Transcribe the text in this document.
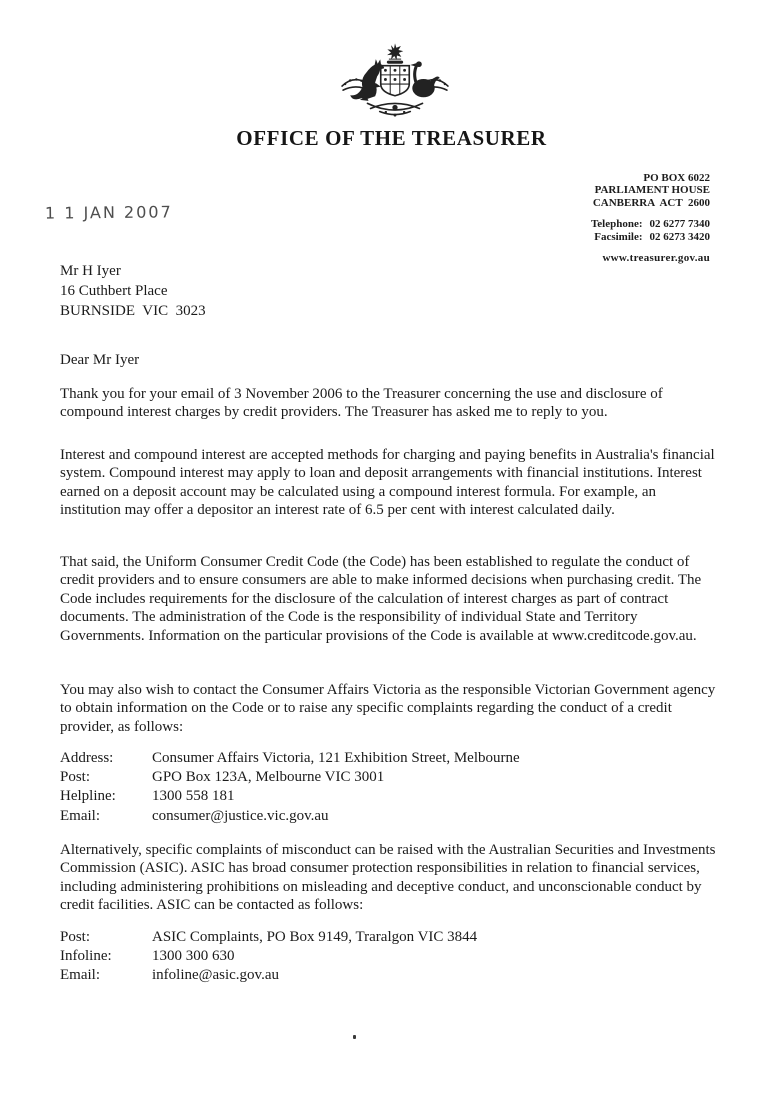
OFFICE OF THE TREASURER
PO BOX 6022
PARLIAMENT HOUSE
CANBERRA  ACT  2600
Telephone: 02 6277 7340
Facsimile: 02 6273 3420
www.treasurer.gov.au
1 1 JAN 2007
Mr H Iyer
16 Cuthbert Place
BURNSIDE  VIC  3023
Dear Mr Iyer
Thank you for your email of 3 November 2006 to the Treasurer concerning the use and disclosure of compound interest charges by credit providers. The Treasurer has asked me to reply to you.
Interest and compound interest are accepted methods for charging and paying benefits in Australia's financial system. Compound interest may apply to loan and deposit arrangements with financial institutions. Interest earned on a deposit account may be calculated using a compound interest formula. For example, an institution may offer a depositor an interest rate of 6.5 per cent with interest calculated daily.
That said, the Uniform Consumer Credit Code (the Code) has been established to regulate the conduct of credit providers and to ensure consumers are able to make informed decisions when purchasing credit. The Code includes requirements for the disclosure of the calculation of interest charges as part of contract documents. The administration of the Code is the responsibility of individual State and Territory Governments. Information on the particular provisions of the Code is available at www.creditcode.gov.au.
You may also wish to contact the Consumer Affairs Victoria as the responsible Victorian Government agency to obtain information on the Code or to raise any specific complaints regarding the conduct of a credit provider, as follows:
Address:	Consumer Affairs Victoria, 121 Exhibition Street, Melbourne
Post:	GPO Box 123A, Melbourne VIC 3001
Helpline:	1300 558 181
Email:	consumer@justice.vic.gov.au
Alternatively, specific complaints of misconduct can be raised with the Australian Securities and Investments Commission (ASIC). ASIC has broad consumer protection responsibilities in relation to financial services, including administering prohibitions on misleading and deceptive conduct, and unconscionable conduct by credit facilities. ASIC can be contacted as follows:
Post:	ASIC Complaints, PO Box 9149, Traralgon VIC 3844
Infoline:	1300 300 630
Email:	infoline@asic.gov.au
